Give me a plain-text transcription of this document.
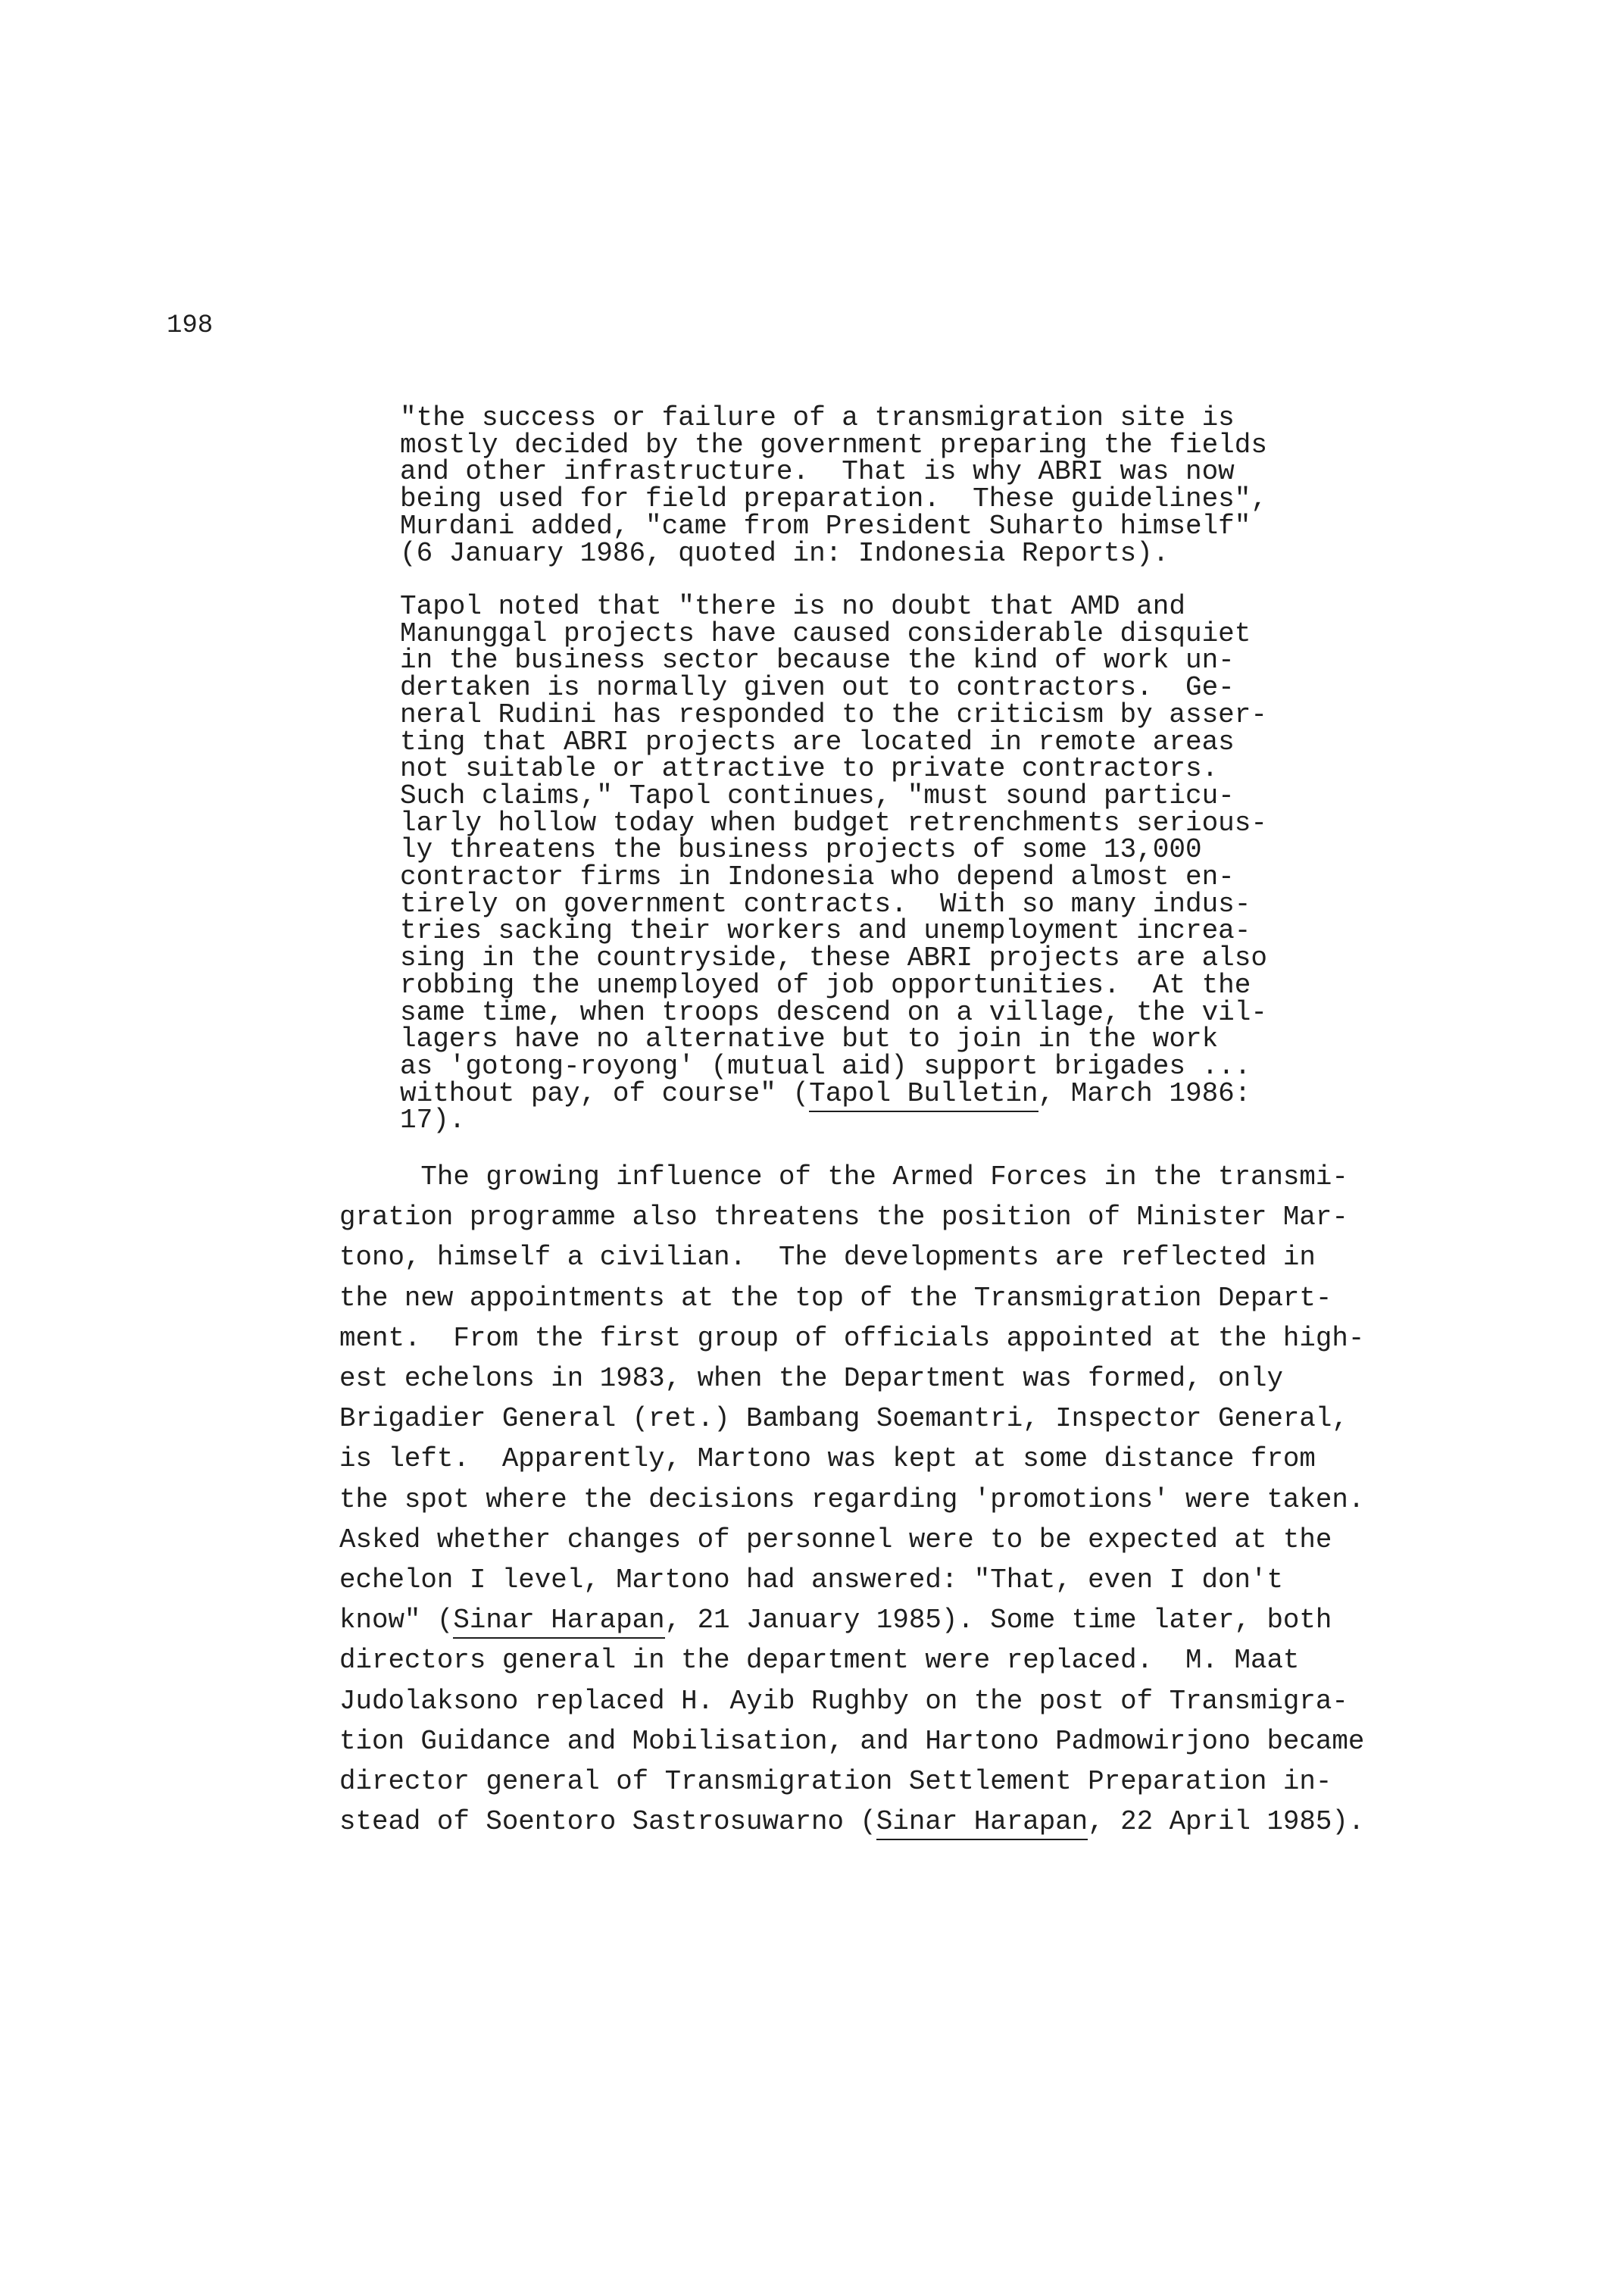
198
"the success or failure of a transmigration site is
mostly decided by the government preparing the fields
and other infrastructure.  That is why ABRI was now
being used for field preparation.  These guidelines",
Murdani added, "came from President Suharto himself"
(6 January 1986, quoted in: Indonesia Reports).
Tapol noted that "there is no doubt that AMD and
Manunggal projects have caused considerable disquiet
in the business sector because the kind of work un-
dertaken is normally given out to contractors.  Ge-
neral Rudini has responded to the criticism by asser-
ting that ABRI projects are located in remote areas
not suitable or attractive to private contractors.
Such claims," Tapol continues, "must sound particu-
larly hollow today when budget retrenchments serious-
ly threatens the business projects of some 13,000
contractor firms in Indonesia who depend almost en-
tirely on government contracts.  With so many indus-
tries sacking their workers and unemployment increa-
sing in the countryside, these ABRI projects are also
robbing the unemployed of job opportunities.  At the
same time, when troops descend on a village, the vil-
lagers have no alternative but to join in the work
as 'gotong-royong' (mutual aid) support brigades ...
without pay, of course" (Tapol Bulletin, March 1986:
17).
The growing influence of the Armed Forces in the transmi-
gration programme also threatens the position of Minister Mar-
tono, himself a civilian.  The developments are reflected in
the new appointments at the top of the Transmigration Depart-
ment.  From the first group of officials appointed at the high-
est echelons in 1983, when the Department was formed, only
Brigadier General (ret.) Bambang Soemantri, Inspector General,
is left.  Apparently, Martono was kept at some distance from
the spot where the decisions regarding 'promotions' were taken.
Asked whether changes of personnel were to be expected at the
echelon I level, Martono had answered: "That, even I don't
know" (Sinar Harapan, 21 January 1985). Some time later, both
directors general in the department were replaced.  M. Maat
Judolaksono replaced H. Ayib Rughby on the post of Transmigra-
tion Guidance and Mobilisation, and Hartono Padmowirjono became
director general of Transmigration Settlement Preparation in-
stead of Soentoro Sastrosuwarno (Sinar Harapan, 22 April 1985).
